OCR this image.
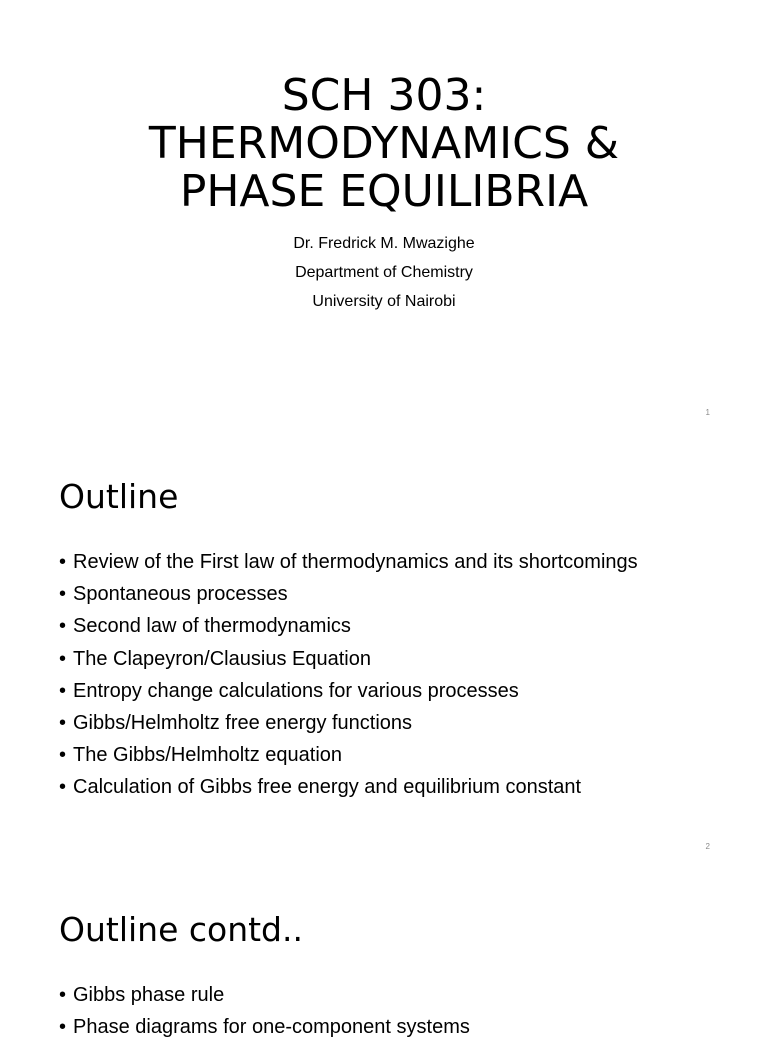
SCH 303:
THERMODYNAMICS &
PHASE EQUILIBRIA
Dr. Fredrick M. Mwazighe
Department of Chemistry
University of Nairobi
1
Outline
• Review of the First law of thermodynamics and its shortcomings
• Spontaneous processes
• Second law of thermodynamics
• The Clapeyron/Clausius Equation
• Entropy change calculations for various processes
• Gibbs/Helmholtz free energy functions
• The Gibbs/Helmholtz equation
• Calculation of Gibbs free energy and equilibrium constant
2
Outline contd..
• Gibbs phase rule
• Phase diagrams for one-component systems
